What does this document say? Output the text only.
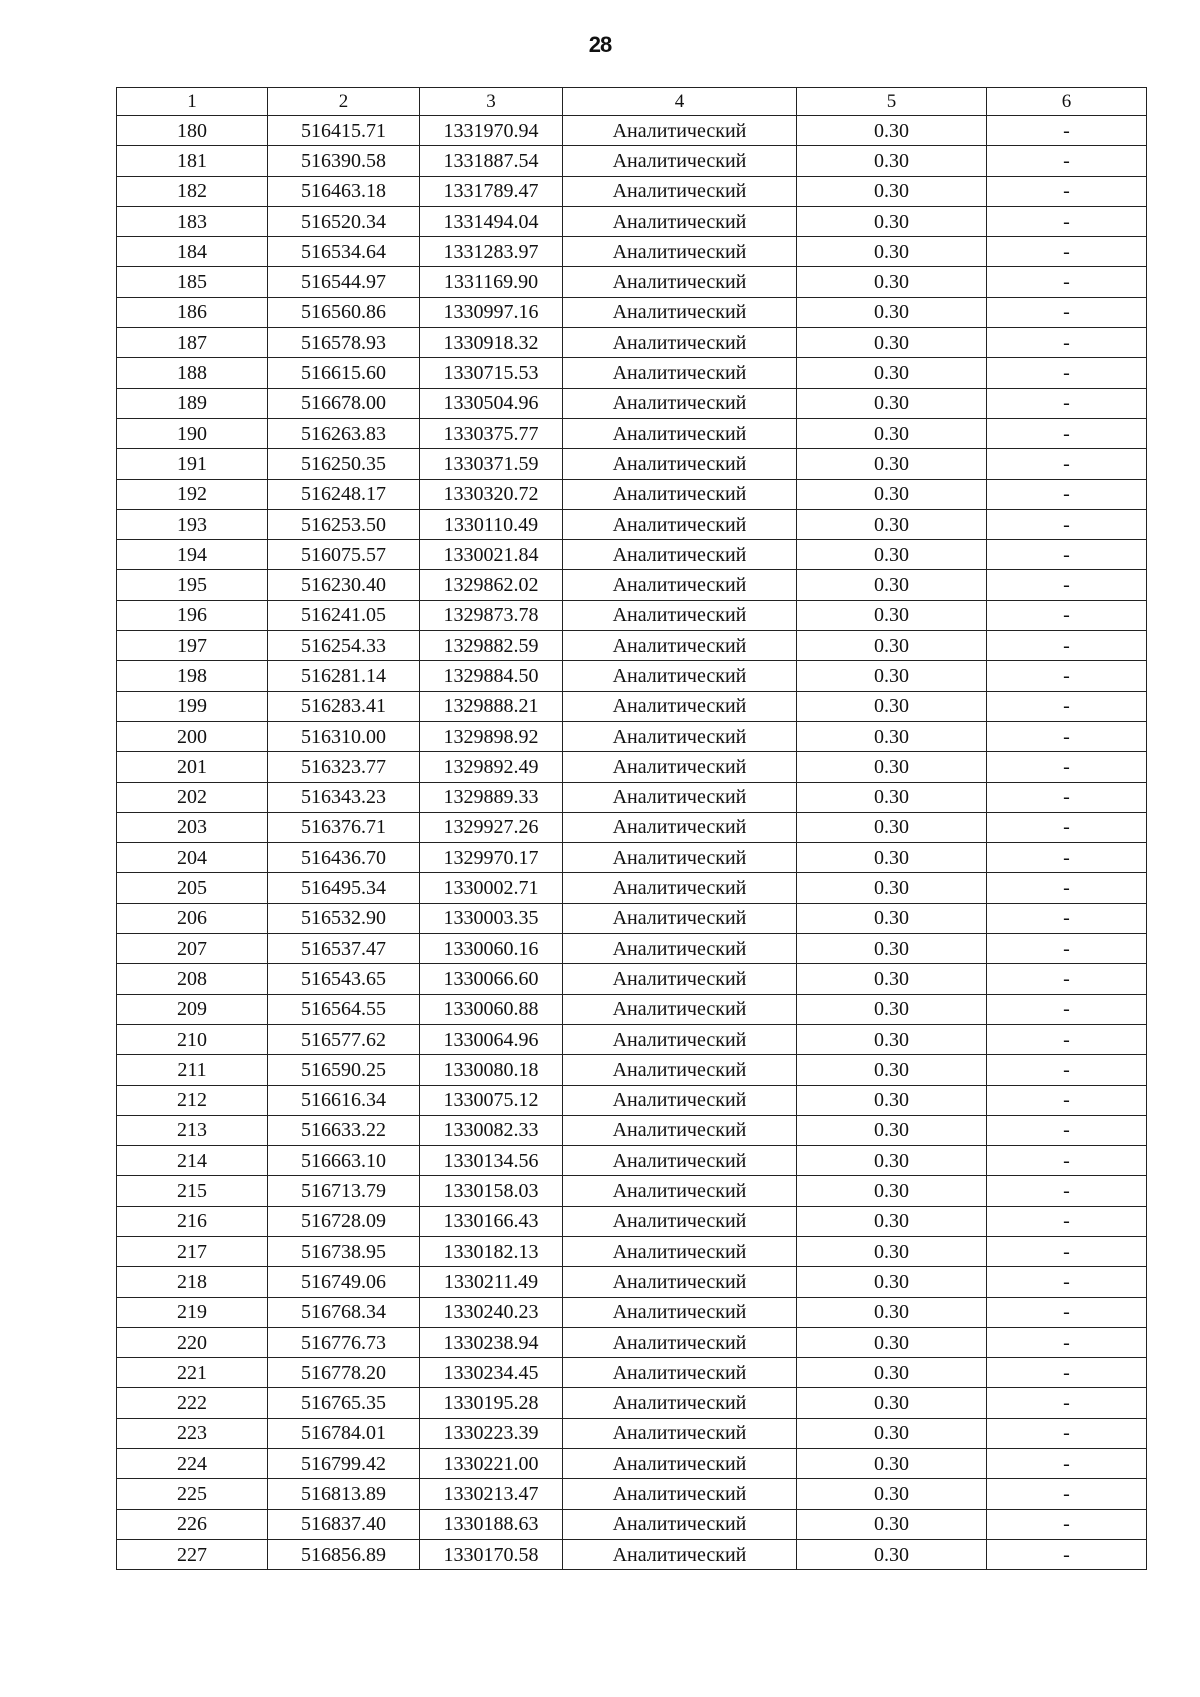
28
1	2	3	4	5	6
180	516415.71	1331970.94	Аналитический	0.30	-
181	516390.58	1331887.54	Аналитический	0.30	-
182	516463.18	1331789.47	Аналитический	0.30	-
183	516520.34	1331494.04	Аналитический	0.30	-
184	516534.64	1331283.97	Аналитический	0.30	-
185	516544.97	1331169.90	Аналитический	0.30	-
186	516560.86	1330997.16	Аналитический	0.30	-
187	516578.93	1330918.32	Аналитический	0.30	-
188	516615.60	1330715.53	Аналитический	0.30	-
189	516678.00	1330504.96	Аналитический	0.30	-
190	516263.83	1330375.77	Аналитический	0.30	-
191	516250.35	1330371.59	Аналитический	0.30	-
192	516248.17	1330320.72	Аналитический	0.30	-
193	516253.50	1330110.49	Аналитический	0.30	-
194	516075.57	1330021.84	Аналитический	0.30	-
195	516230.40	1329862.02	Аналитический	0.30	-
196	516241.05	1329873.78	Аналитический	0.30	-
197	516254.33	1329882.59	Аналитический	0.30	-
198	516281.14	1329884.50	Аналитический	0.30	-
199	516283.41	1329888.21	Аналитический	0.30	-
200	516310.00	1329898.92	Аналитический	0.30	-
201	516323.77	1329892.49	Аналитический	0.30	-
202	516343.23	1329889.33	Аналитический	0.30	-
203	516376.71	1329927.26	Аналитический	0.30	-
204	516436.70	1329970.17	Аналитический	0.30	-
205	516495.34	1330002.71	Аналитический	0.30	-
206	516532.90	1330003.35	Аналитический	0.30	-
207	516537.47	1330060.16	Аналитический	0.30	-
208	516543.65	1330066.60	Аналитический	0.30	-
209	516564.55	1330060.88	Аналитический	0.30	-
210	516577.62	1330064.96	Аналитический	0.30	-
211	516590.25	1330080.18	Аналитический	0.30	-
212	516616.34	1330075.12	Аналитический	0.30	-
213	516633.22	1330082.33	Аналитический	0.30	-
214	516663.10	1330134.56	Аналитический	0.30	-
215	516713.79	1330158.03	Аналитический	0.30	-
216	516728.09	1330166.43	Аналитический	0.30	-
217	516738.95	1330182.13	Аналитический	0.30	-
218	516749.06	1330211.49	Аналитический	0.30	-
219	516768.34	1330240.23	Аналитический	0.30	-
220	516776.73	1330238.94	Аналитический	0.30	-
221	516778.20	1330234.45	Аналитический	0.30	-
222	516765.35	1330195.28	Аналитический	0.30	-
223	516784.01	1330223.39	Аналитический	0.30	-
224	516799.42	1330221.00	Аналитический	0.30	-
225	516813.89	1330213.47	Аналитический	0.30	-
226	516837.40	1330188.63	Аналитический	0.30	-
227	516856.89	1330170.58	Аналитический	0.30	-
